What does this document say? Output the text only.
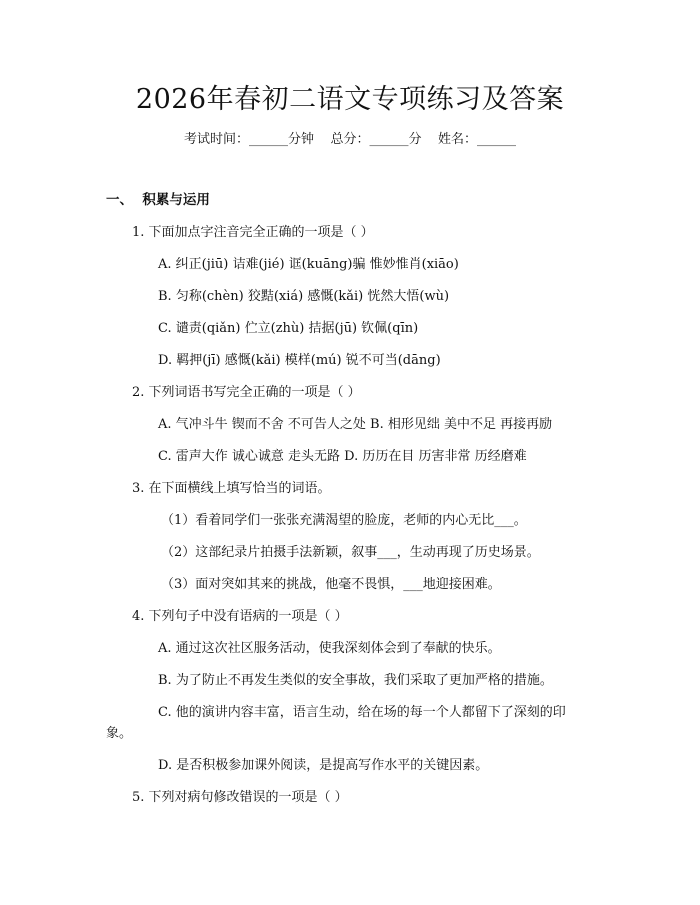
2026年春初二语文专项练习及答案
考试时间：______分钟    总分：______分    姓名：______
一、  积累与运用
1. 下面加点字注音完全正确的一项是（ ）
A. 纠正(jiū) 诘难(jié) 诓(kuāng)骗 惟妙惟肖(xiāo)
B. 匀称(chèn) 狡黠(xiá) 感慨(kǎi) 恍然大悟(wù)
C. 谴责(qiǎn) 伫立(zhù) 拮据(jū) 钦佩(qīn)
D. 羁押(jī) 感慨(kǎi) 模样(mú) 锐不可当(dāng)
2. 下列词语书写完全正确的一项是（ ）
A. 气冲斗牛 锲而不舍 不可告人之处 B. 相形见绌 美中不足 再接再励
C. 雷声大作 诚心诚意 走头无路 D. 历历在目 历害非常 历经磨难
3. 在下面横线上填写恰当的词语。
（1）看着同学们一张张充满渴望的脸庞，老师的内心无比___。
（2）这部纪录片拍摄手法新颖，叙事___，生动再现了历史场景。
（3）面对突如其来的挑战，他毫不畏惧，___地迎接困难。
4. 下列句子中没有语病的一项是（ ）
A. 通过这次社区服务活动，使我深刻体会到了奉献的快乐。
B. 为了防止不再发生类似的安全事故，我们采取了更加严格的措施。
C. 他的演讲内容丰富，语言生动，给在场的每一个人都留下了深刻的印
象。
D. 是否积极参加课外阅读，是提高写作水平的关键因素。
5. 下列对病句修改错误的一项是（ ）
